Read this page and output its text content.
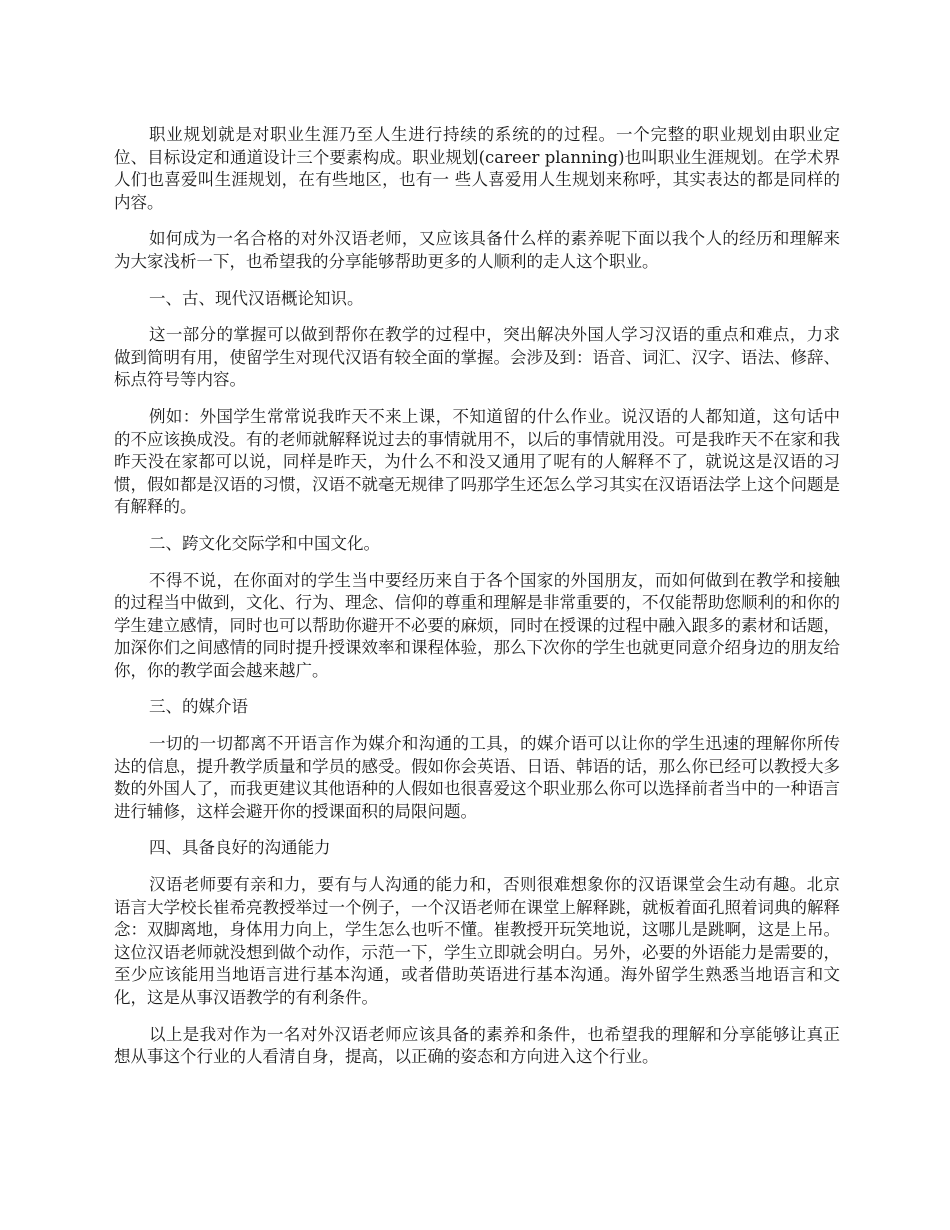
职业规划就是对职业生涯乃至人生进行持续的系统的的过程。一个完整的职业规划由职业定位、目标设定和通道设计三个要素构成。职业规划(career planning)也叫职业生涯规划。在学术界人们也喜爱叫生涯规划，在有些地区，也有一 些人喜爱用人生规划来称呼，其实表达的都是同样的内容。

如何成为一名合格的对外汉语老师，又应该具备什么样的素养呢下面以我个人的经历和理解来为大家浅析一下，也希望我的分享能够帮助更多的人顺利的走人这个职业。

一、古、现代汉语概论知识。

这一部分的掌握可以做到帮你在教学的过程中，突出解决外国人学习汉语的重点和难点，力求做到简明有用，使留学生对现代汉语有较全面的掌握。会涉及到：语音、词汇、汉字、语法、修辞、标点符号等内容。

例如：外国学生常常说我昨天不来上课，不知道留的什么作业。说汉语的人都知道，这句话中的不应该换成没。有的老师就解释说过去的事情就用不，以后的事情就用没。可是我昨天不在家和我昨天没在家都可以说，同样是昨天，为什么不和没又通用了呢有的人解释不了，就说这是汉语的习惯，假如都是汉语的习惯，汉语不就毫无规律了吗那学生还怎么学习其实在汉语语法学上这个问题是有解释的。

二、跨文化交际学和中国文化。

不得不说，在你面对的学生当中要经历来自于各个国家的外国朋友，而如何做到在教学和接触的过程当中做到，文化、行为、理念、信仰的尊重和理解是非常重要的，不仅能帮助您顺利的和你的学生建立感情，同时也可以帮助你避开不必要的麻烦，同时在授课的过程中融入跟多的素材和话题，加深你们之间感情的同时提升授课效率和课程体验，那么下次你的学生也就更同意介绍身边的朋友给你，你的教学面会越来越广。

三、的媒介语

一切的一切都离不开语言作为媒介和沟通的工具，的媒介语可以让你的学生迅速的理解你所传达的信息，提升教学质量和学员的感受。假如你会英语、日语、韩语的话，那么你已经可以教授大多数的外国人了，而我更建议其他语种的人假如也很喜爱这个职业那么你可以选择前者当中的一种语言进行辅修，这样会避开你的授课面积的局限问题。

四、具备良好的沟通能力

汉语老师要有亲和力，要有与人沟通的能力和，否则很难想象你的汉语课堂会生动有趣。北京语言大学校长崔希亮教授举过一个例子，一个汉语老师在课堂上解释跳，就板着面孔照着词典的解释念：双脚离地，身体用力向上，学生怎么也听不懂。崔教授开玩笑地说，这哪儿是跳啊，这是上吊。这位汉语老师就没想到做个动作，示范一下，学生立即就会明白。另外，必要的外语能力是需要的，至少应该能用当地语言进行基本沟通，或者借助英语进行基本沟通。海外留学生熟悉当地语言和文化，这是从事汉语教学的有利条件。

以上是我对作为一名对外汉语老师应该具备的素养和条件，也希望我的理解和分享能够让真正想从事这个行业的人看清自身，提高，以正确的姿态和方向进入这个行业。
